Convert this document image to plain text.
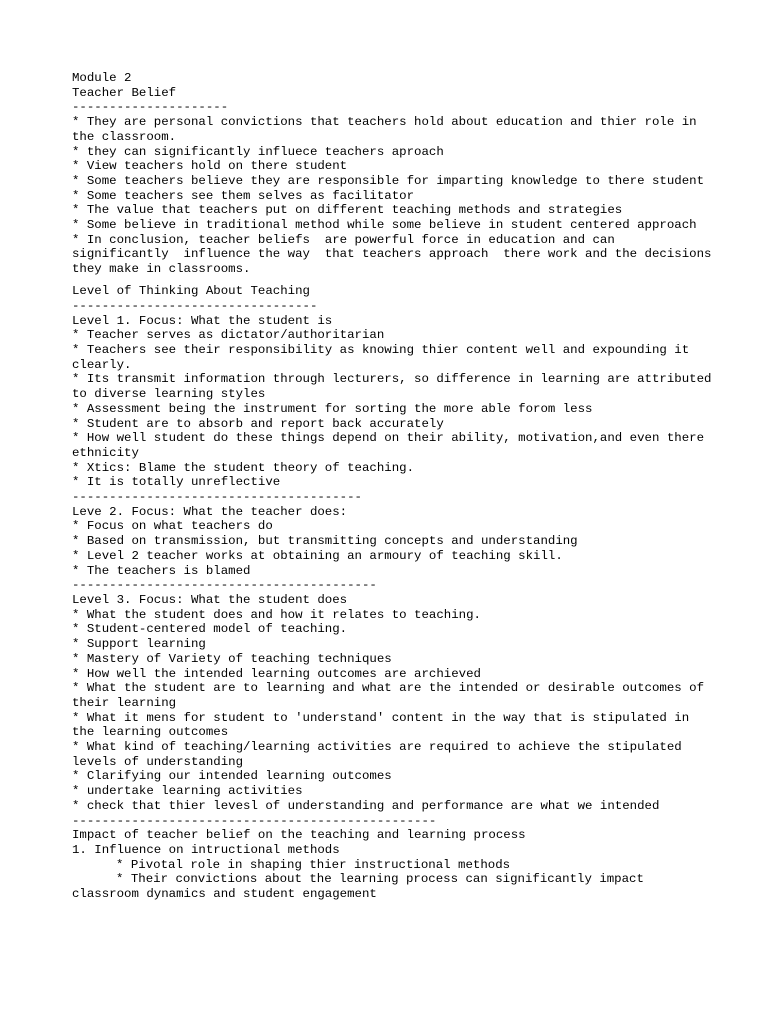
Module 2
Teacher Belief
---------------------
* They are personal convictions that teachers hold about education and thier role in the classroom.
* they can significantly influece teachers aproach
* View teachers hold on there student
* Some teachers believe they are responsible for imparting knowledge to there student
* Some teachers see them selves as facilitator
* The value that teachers put on different teaching methods and strategies
* Some believe in traditional method while some believe in student centered approach
* In conclusion, teacher beliefs  are powerful force in education and can significantly  influence the way  that teachers approach  there work and the decisions they make in classrooms.
Level of Thinking About Teaching
---------------------------------
Level 1. Focus: What the student is
* Teacher serves as dictator/authoritarian
* Teachers see their responsibility as knowing thier content well and expounding it clearly.
* Its transmit information through lecturers, so difference in learning are attributed to diverse learning styles
* Assessment being the instrument for sorting the more able forom less
* Student are to absorb and report back accurately
* How well student do these things depend on their ability, motivation,and even there ethnicity
* Xtics: Blame the student theory of teaching.
* It is totally unreflective
---------------------------------------
Leve 2. Focus: What the teacher does:
* Focus on what teachers do
* Based on transmission, but transmitting concepts and understanding
* Level 2 teacher works at obtaining an armoury of teaching skill.
* The teachers is blamed
-----------------------------------------
Level 3. Focus: What the student does
* What the student does and how it relates to teaching.
* Student-centered model of teaching.
* Support learning
* Mastery of Variety of teaching techniques
* How well the intended learning outcomes are archieved
* What the student are to learning and what are the intended or desirable outcomes of their learning
* What it mens for student to 'understand' content in the way that is stipulated in the learning outcomes
* What kind of teaching/learning activities are required to achieve the stipulated levels of understanding
* Clarifying our intended learning outcomes
* undertake learning activities
* check that thier levesl of understanding and performance are what we intended
-------------------------------------------------
Impact of teacher belief on the teaching and learning process
1. Influence on intructional methods
* Pivotal role in shaping thier instructional methods
* Their convictions about the learning process can significantly impact classroom dynamics and student engagement
